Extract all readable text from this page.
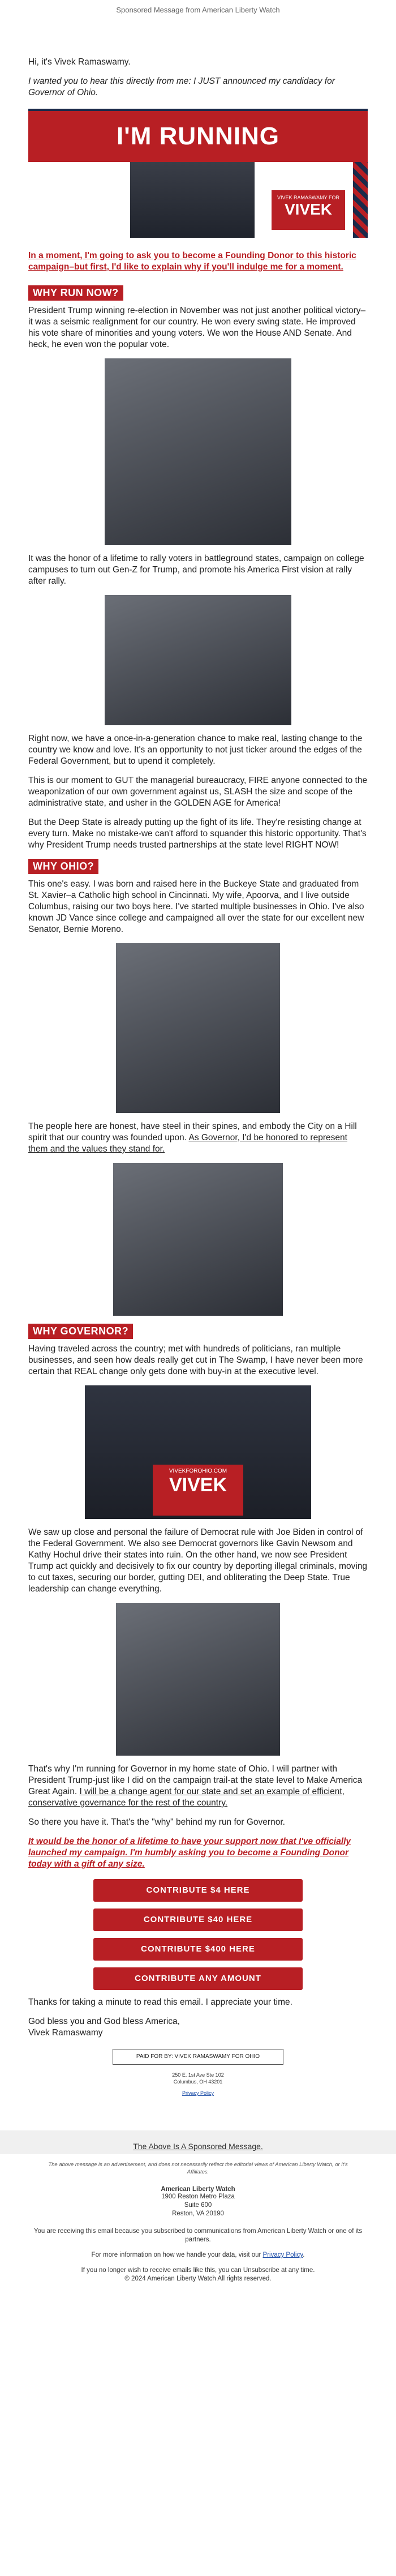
Sponsored Message from American Liberty Watch

Hi, it's Vivek Ramaswamy.

I wanted you to hear this directly from me: I JUST announced my candidacy for Governor of Ohio.

I'M RUNNING
VIVEK RAMASWAMY FOR
VIVEK

In a moment, I'm going to ask you to become a Founding Donor to this historic campaign–but first, I'd like to explain why if you'll indulge me for a moment.

WHY RUN NOW?

President Trump winning re-election in November was not just another political victory–it was a seismic realignment for our country. He won every swing state. He improved his vote share of minorities and young voters. We won the House AND Senate. And heck, he even won the popular vote.

It was the honor of a lifetime to rally voters in battleground states, campaign on college campuses to turn out Gen-Z for Trump, and promote his America First vision at rally after rally.

Right now, we have a once-in-a-generation chance to make real, lasting change to the country we know and love. It's an opportunity to not just ticker around the edges of the Federal Government, but to upend it completely.

This is our moment to GUT the managerial bureaucracy, FIRE anyone connected to the weaponization of our own government against us, SLASH the size and scope of the administrative state, and usher in the GOLDEN AGE for America!

But the Deep State is already putting up the fight of its life. They're resisting change at every turn. Make no mistake-we can't afford to squander this historic opportunity. That's why President Trump needs trusted partnerships at the state level RIGHT NOW!

WHY OHIO?

This one's easy. I was born and raised here in the Buckeye State and graduated from St. Xavier–a Catholic high school in Cincinnati. My wife, Apoorva, and I live outside Columbus, raising our two boys here. I've started multiple businesses in Ohio. I've also known JD Vance since college and campaigned all over the state for our excellent new Senator, Bernie Moreno.

The people here are honest, have steel in their spines, and embody the City on a Hill spirit that our country was founded upon. As Governor, I'd be honored to represent them and the values they stand for.

WHY GOVERNOR?

Having traveled across the country; met with hundreds of politicians, ran multiple businesses, and seen how deals really get cut in The Swamp, I have never been more certain that REAL change only gets done with buy-in at the executive level.

VIVEKFOROHIO.COM
VIVEK

We saw up close and personal the failure of Democrat rule with Joe Biden in control of the Federal Government. We also see Democrat governors like Gavin Newsom and Kathy Hochul drive their states into ruin. On the other hand, we now see President Trump act quickly and decisively to fix our country by deporting illegal criminals, moving to cut taxes, securing our border, gutting DEI, and obliterating the Deep State. True leadership can change everything.

That's why I'm running for Governor in my home state of Ohio. I will partner with President Trump-just like I did on the campaign trail-at the state level to Make America Great Again. I will be a change agent for our state and set an example of efficient, conservative governance for the rest of the country.

So there you have it. That's the "why" behind my run for Governor.

It would be the honor of a lifetime to have your support now that I've officially launched my campaign. I'm humbly asking you to become a Founding Donor today with a gift of any size.

CONTRIBUTE $4 HERE
CONTRIBUTE $40 HERE
CONTRIBUTE $400 HERE
CONTRIBUTE ANY AMOUNT

Thanks for taking a minute to read this email. I appreciate your time.

God bless you and God bless America,

Vivek Ramaswamy

PAID FOR BY: VIVEK RAMASWAMY FOR OHIO
250 E. 1st Ave Ste 102
Columbus, OH 43201
Privacy Policy
The Above Is A Sponsored Message.
The above message is an advertisement, and does not necessarily reflect the editorial views of American Liberty Watch, or it's Affiliates.
American Liberty Watch
1900 Reston Metro Plaza
Suite 600
Reston, VA 20190
You are receiving this email because you subscribed to communications from American Liberty Watch or one of its partners.
For more information on how we handle your data, visit our Privacy Policy.
If you no longer wish to receive emails like this, you can Unsubscribe at any time.
© 2024 American Liberty Watch All rights reserved.
